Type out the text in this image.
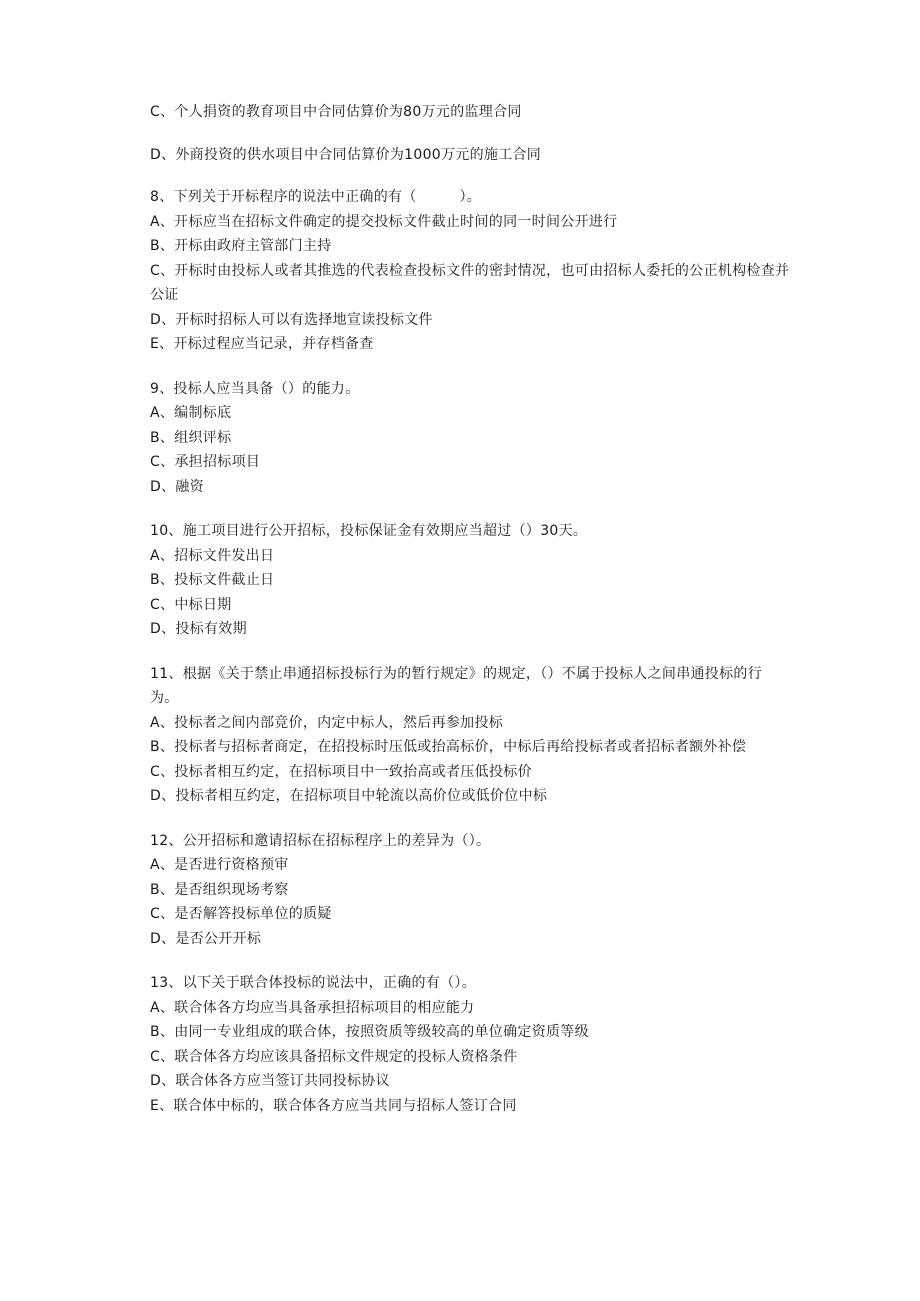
C、个人捐资的教育项目中合同估算价为80万元的监理合同
D、外商投资的供水项目中合同估算价为1000万元的施工合同
8、下列关于开标程序的说法中正确的有（　　　）。

A、开标应当在招标文件确定的提交投标文件截止时间的同一时间公开进行

B、开标由政府主管部门主持

C、开标时由投标人或者其推选的代表检查投标文件的密封情况，也可由招标人委托的公正机构检查并公证

D、开标时招标人可以有选择地宣读投标文件

E、开标过程应当记录，并存档备查

9、投标人应当具备（）的能力。

A、编制标底

B、组织评标

C、承担招标项目

D、融资

10、施工项目进行公开招标，投标保证金有效期应当超过（）30天。

A、招标文件发出日

B、投标文件截止日

C、中标日期

D、投标有效期

11、根据《关于禁止串通招标投标行为的暂行规定》的规定，（）不属于投标人之间串通投标的行为。

A、投标者之间内部竞价，内定中标人，然后再参加投标

B、投标者与招标者商定，在招投标时压低或抬高标价，中标后再给投标者或者招标者额外补偿

C、投标者相互约定，在招标项目中一致抬高或者压低投标价

D、投标者相互约定，在招标项目中轮流以高价位或低价位中标

12、公开招标和邀请招标在招标程序上的差异为（）。

A、是否进行资格预审

B、是否组织现场考察

C、是否解答投标单位的质疑

D、是否公开开标

13、以下关于联合体投标的说法中，正确的有（）。

A、联合体各方均应当具备承担招标项目的相应能力

B、由同一专业组成的联合体，按照资质等级较高的单位确定资质等级

C、联合体各方均应该具备招标文件规定的投标人资格条件

D、联合体各方应当签订共同投标协议

E、联合体中标的，联合体各方应当共同与招标人签订合同
